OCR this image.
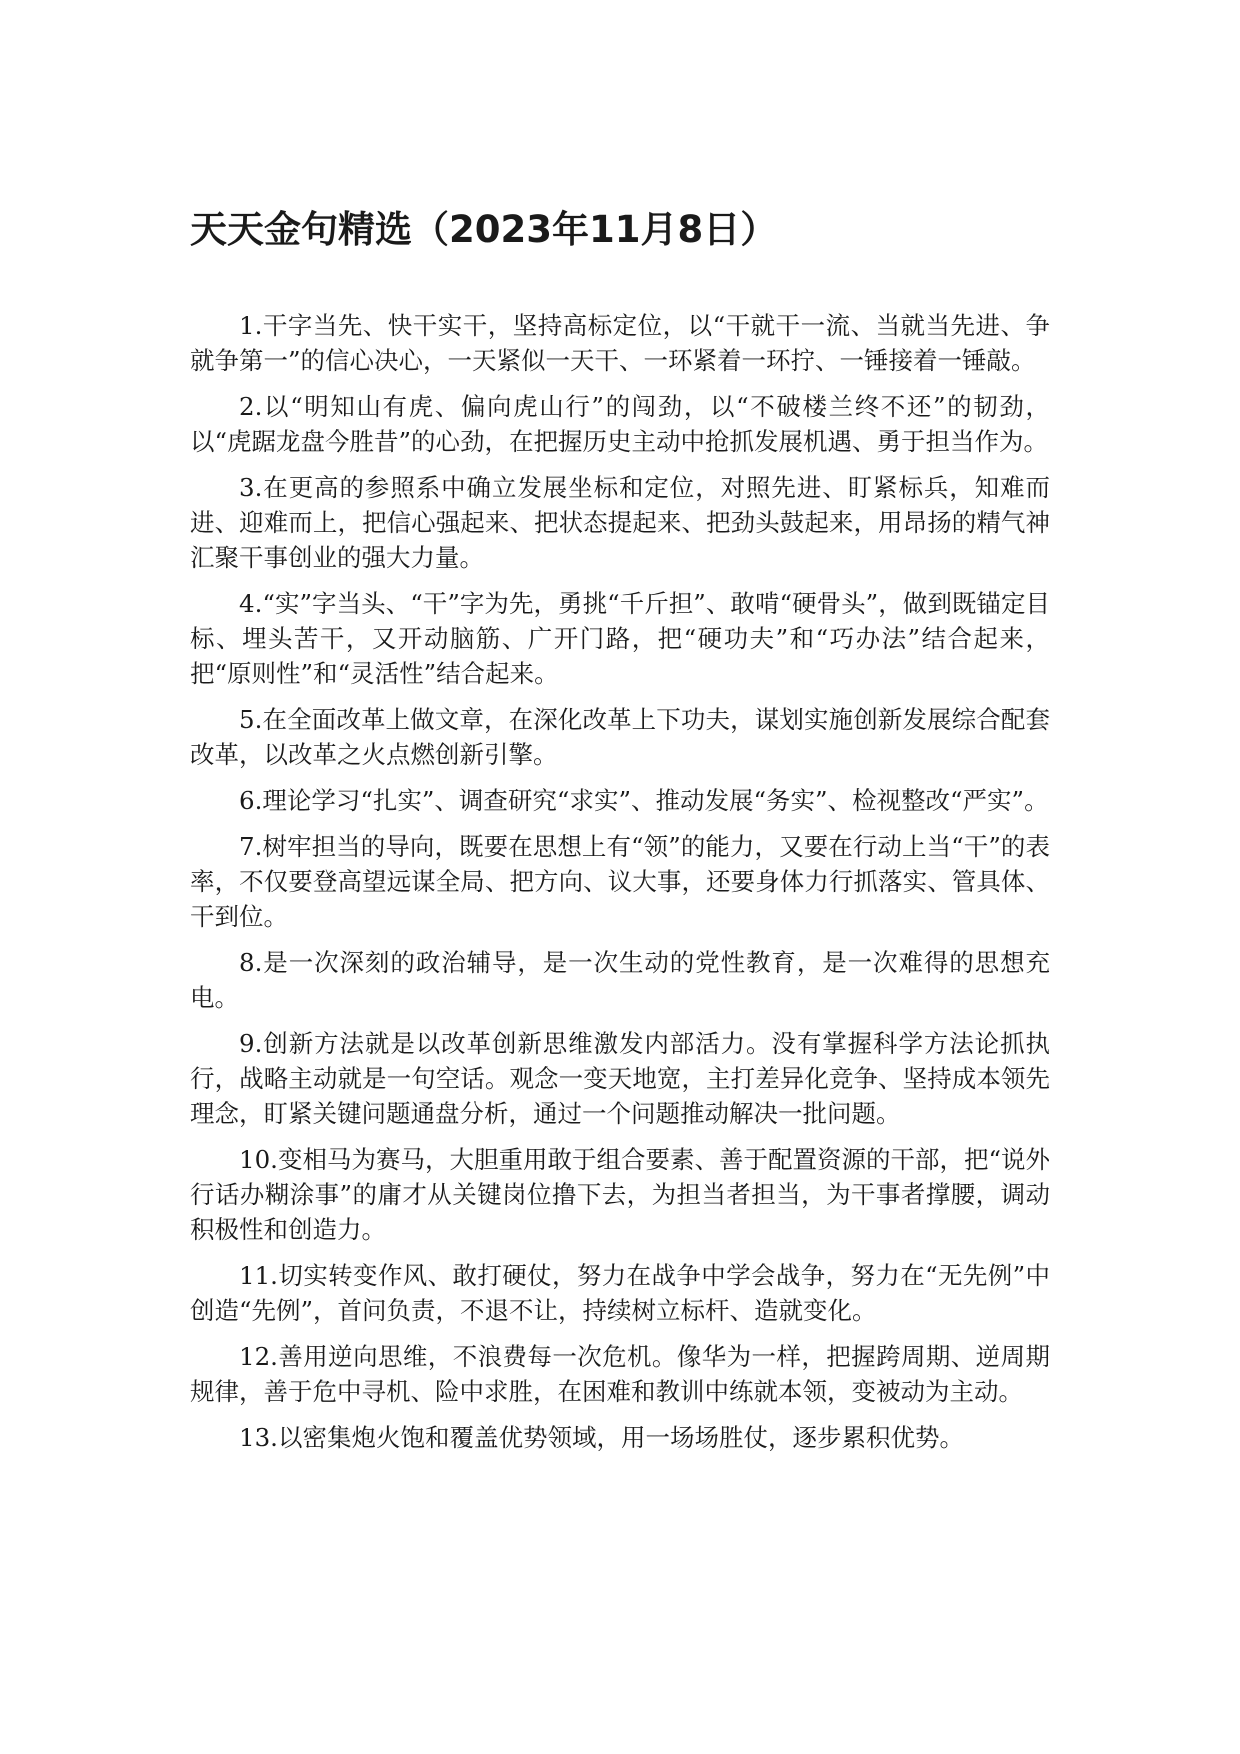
天天金句精选（2023年11月8日）

1.干字当先、快干实干，坚持高标定位，以“干就干一流、当就当先进、争就争第一”的信心决心，一天紧似一天干、一环紧着一环拧、一锤接着一锤敲。

2.以“明知山有虎、偏向虎山行”的闯劲，以“不破楼兰终不还”的韧劲，以“虎踞龙盘今胜昔”的心劲，在把握历史主动中抢抓发展机遇、勇于担当作为。

3.在更高的参照系中确立发展坐标和定位，对照先进、盯紧标兵，知难而进、迎难而上，把信心强起来、把状态提起来、把劲头鼓起来，用昂扬的精气神汇聚干事创业的强大力量。

4.“实”字当头、“干”字为先，勇挑“千斤担”、敢啃“硬骨头”，做到既锚定目标、埋头苦干，又开动脑筋、广开门路，把“硬功夫”和“巧办法”结合起来，把“原则性”和“灵活性”结合起来。

5.在全面改革上做文章，在深化改革上下功夫，谋划实施创新发展综合配套改革，以改革之火点燃创新引擎。

6.理论学习“扎实”、调查研究“求实”、推动发展“务实”、检视整改“严实”。

7.树牢担当的导向，既要在思想上有“领”的能力，又要在行动上当“干”的表率，不仅要登高望远谋全局、把方向、议大事，还要身体力行抓落实、管具体、干到位。

8.是一次深刻的政治辅导，是一次生动的党性教育，是一次难得的思想充电。

9.创新方法就是以改革创新思维激发内部活力。没有掌握科学方法论抓执行，战略主动就是一句空话。观念一变天地宽，主打差异化竞争、坚持成本领先理念，盯紧关键问题通盘分析，通过一个问题推动解决一批问题。

10.变相马为赛马，大胆重用敢于组合要素、善于配置资源的干部，把“说外行话办糊涂事”的庸才从关键岗位撸下去，为担当者担当，为干事者撑腰，调动积极性和创造力。

11.切实转变作风、敢打硬仗，努力在战争中学会战争，努力在“无先例”中创造“先例”，首问负责，不退不让，持续树立标杆、造就变化。

12.善用逆向思维，不浪费每一次危机。像华为一样，把握跨周期、逆周期规律，善于危中寻机、险中求胜，在困难和教训中练就本领，变被动为主动。

13.以密集炮火饱和覆盖优势领域，用一场场胜仗，逐步累积优势。
